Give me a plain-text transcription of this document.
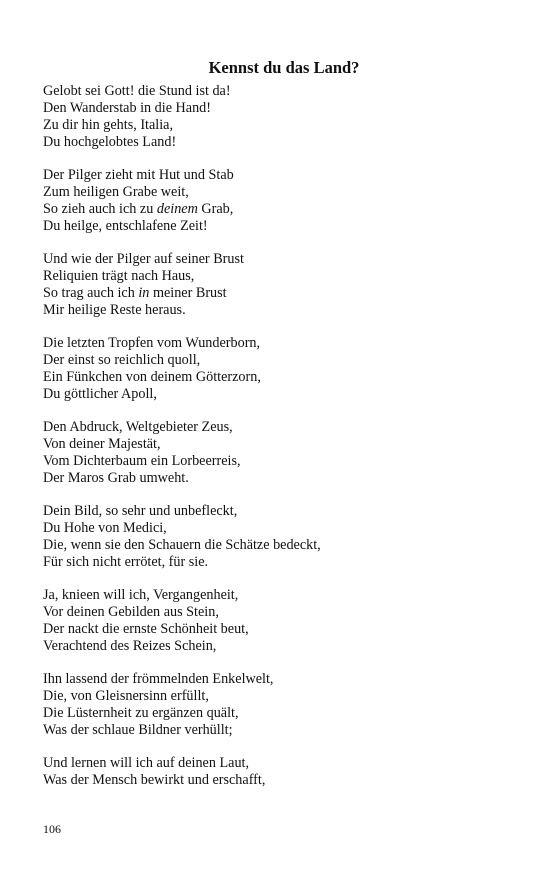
Kennst du das Land?
Gelobt sei Gott! die Stund ist da!
Den Wanderstab in die Hand!
Zu dir hin gehts, Italia,
Du hochgelobtes Land!
Der Pilger zieht mit Hut und Stab
Zum heiligen Grabe weit,
So zieh auch ich zu deinem Grab,
Du heilge, entschlafene Zeit!
Und wie der Pilger auf seiner Brust
Reliquien trägt nach Haus,
So trag auch ich in meiner Brust
Mir heilige Reste heraus.
Die letzten Tropfen vom Wunderborn,
Der einst so reichlich quoll,
Ein Fünkchen von deinem Götterzorn,
Du göttlicher Apoll,
Den Abdruck, Weltgebieter Zeus,
Von deiner Majestät,
Vom Dichterbaum ein Lorbeerreis,
Der Maros Grab umweht.
Dein Bild, so sehr und unbefleckt,
Du Hohe von Medici,
Die, wenn sie den Schauern die Schätze bedeckt,
Für sich nicht errötet, für sie.
Ja, knieen will ich, Vergangenheit,
Vor deinen Gebilden aus Stein,
Der nackt die ernste Schönheit beut,
Verachtend des Reizes Schein,
Ihn lassend der frömmelnden Enkelwelt,
Die, von Gleisnersinn erfüllt,
Die Lüsternheit zu ergänzen quält,
Was der schlaue Bildner verhüllt;
Und lernen will ich auf deinen Laut,
Was der Mensch bewirkt und erschafft,
106
